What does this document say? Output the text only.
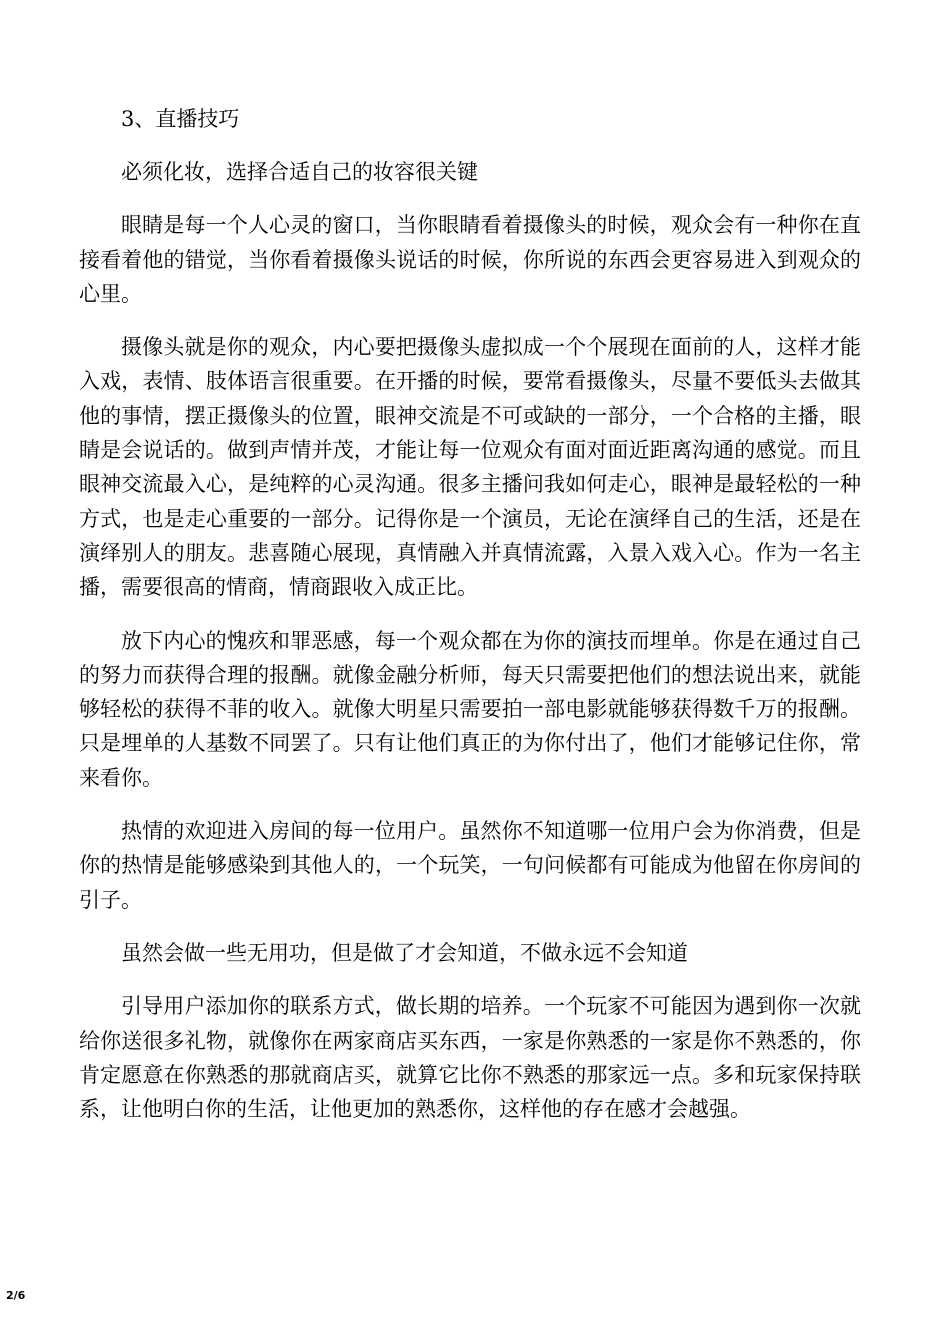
3、直播技巧

必须化妆，选择合适自己的妆容很关键

眼睛是每一个人心灵的窗口，当你眼睛看着摄像头的时候，观众会有一种你在直接看着他的错觉，当你看着摄像头说话的时候，你所说的东西会更容易进入到观众的心里。

摄像头就是你的观众，内心要把摄像头虚拟成一个个展现在面前的人，这样才能入戏，表情、肢体语言很重要。在开播的时候，要常看摄像头，尽量不要低头去做其他的事情，摆正摄像头的位置，眼神交流是不可或缺的一部分，一个合格的主播，眼睛是会说话的。做到声情并茂，才能让每一位观众有面对面近距离沟通的感觉。而且眼神交流最入心，是纯粹的心灵沟通。很多主播问我如何走心，眼神是最轻松的一种方式，也是走心重要的一部分。记得你是一个演员，无论在演绎自己的生活，还是在演绎别人的朋友。悲喜随心展现，真情融入并真情流露，入景入戏入心。作为一名主播，需要很高的情商，情商跟收入成正比。

放下内心的愧疚和罪恶感，每一个观众都在为你的演技而埋单。你是在通过自己的努力而获得合理的报酬。就像金融分析师，每天只需要把他们的想法说出来，就能够轻松的获得不菲的收入。就像大明星只需要拍一部电影就能够获得数千万的报酬。只是埋单的人基数不同罢了。只有让他们真正的为你付出了，他们才能够记住你，常来看你。

热情的欢迎进入房间的每一位用户。虽然你不知道哪一位用户会为你消费，但是你的热情是能够感染到其他人的，一个玩笑，一句问候都有可能成为他留在你房间的引子。

虽然会做一些无用功，但是做了才会知道，不做永远不会知道

引导用户添加你的联系方式，做长期的培养。一个玩家不可能因为遇到你一次就给你送很多礼物，就像你在两家商店买东西，一家是你熟悉的一家是你不熟悉的，你肯定愿意在你熟悉的那就商店买，就算它比你不熟悉的那家远一点。多和玩家保持联系，让他明白你的生活，让他更加的熟悉你，这样他的存在感才会越强。

2/6
